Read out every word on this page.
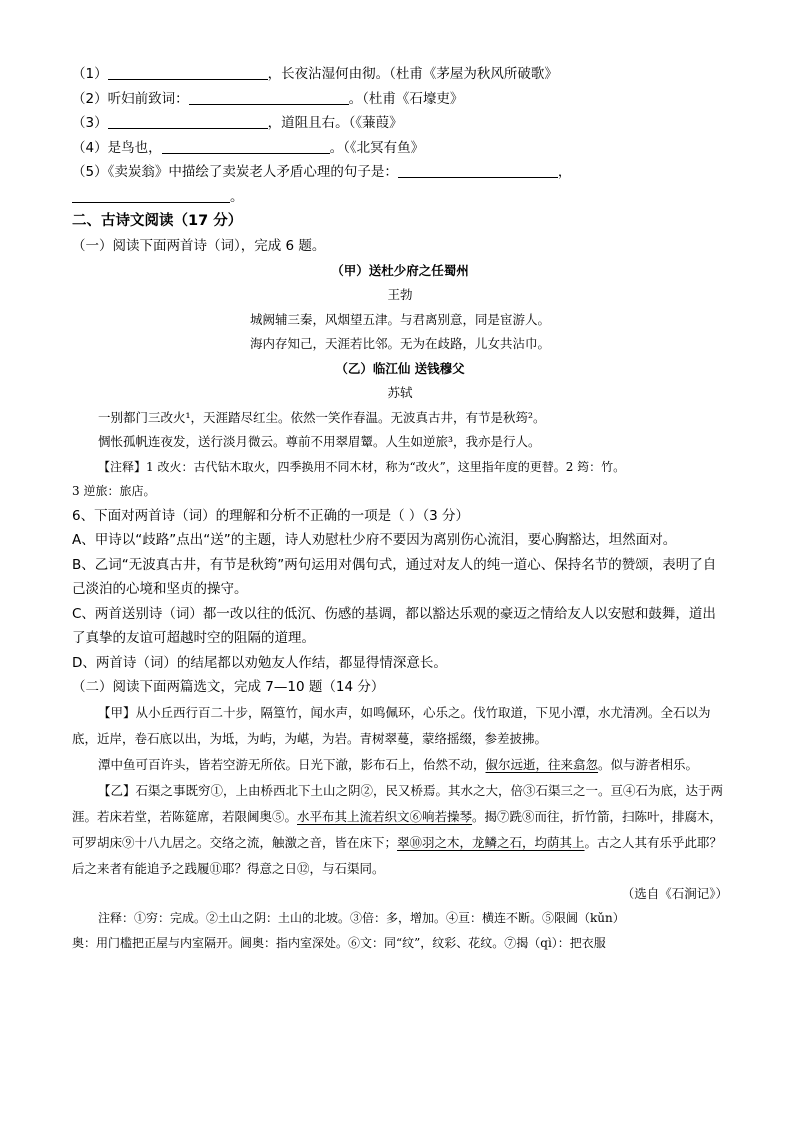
（1）	，长夜沾湿何由彻。（杜甫《茅屋为秋风所破歌》
（2）听妇前致词：	。（杜甫《石壕吏》
（3）	，道阻且右。（《蒹葭》
（4）是鸟也，	。（《北冥有鱼》
（5）《卖炭翁》中描绘了卖炭老人矛盾心理的句子是：	，
。
二、古诗文阅读（17 分）
（一）阅读下面两首诗（词），完成 6 题。
（甲）送杜少府之任蜀州
王勃
城阙辅三秦，风烟望五津。与君离别意，同是宦游人。
海内存知己，天涯若比邻。无为在歧路，儿女共沾巾。
（乙）临江仙 送钱穆父
苏轼
一别都门三改火¹，天涯踏尽红尘。依然一笑作春温。无波真古井，有节是秋筠²。
惆怅孤帆连夜发，送行淡月微云。尊前不用翠眉颦。人生如逆旅³，我亦是行人。
【注释】1 改火：古代钻木取火，四季换用不同木材，称为“改火”，这里指年度的更替。2 筠：竹。
3 逆旅：旅店。
6、下面对两首诗（词）的理解和分析不正确的一项是（ ）（3 分）
A、甲诗以“歧路”点出“送”的主题，诗人劝慰杜少府不要因为离别伤心流泪，要心胸豁达，坦然面对。
B、乙词“无波真古井，有节是秋筠”两句运用对偶句式，通过对友人的纯一道心、保持名节的赞颂，表明了自己淡泊的心境和坚贞的操守。
C、两首送别诗（词）都一改以往的低沉、伤感的基调，都以豁达乐观的豪迈之情给友人以安慰和鼓舞，道出了真挚的友谊可超越时空的阻隔的道理。
D、两首诗（词）的结尾都以劝勉友人作结，都显得情深意长。
（二）阅读下面两篇选文，完成 7—10 题（14 分）
【甲】从小丘西行百二十步，隔篁竹，闻水声，如鸣佩环，心乐之。伐竹取道，下见小潭，水尤清冽。全石以为底，近岸，卷石底以出，为坻，为屿，为嵁，为岩。青树翠蔓，蒙络摇缀，参差披拂。
潭中鱼可百许头，皆若空游无所依。日光下澈，影布石上，佁然不动，俶尔远逝，往来翕忽。似与游者相乐。
【乙】石渠之事既穷①，上由桥西北下土山之阴②，民又桥焉。其水之大，倍③石渠三之一。亘④石为底，达于两涯。若床若堂，若陈筵席，若限阃奥⑤。水平布其上流若织文⑥响若操琴。揭⑦跣⑧而往，折竹箭，扫陈叶，排腐木，可罗胡床⑨十八九居之。交络之流，触激之音，皆在床下；翠⑩羽之木，龙鳞之石，均荫其上。古之人其有乐乎此耶？后之来者有能追予之践履⑪耶？得意之日⑫，与石渠同。
（选自《石涧记》）
注释：①穷：完成。②土山之阴：土山的北坡。③倍：多，增加。④亘：横连不断。⑤限阃（kǔn）
奥：用门槛把正屋与内室隔开。阃奥：指内室深处。⑥文：同“纹”，纹彩、花纹。⑦揭（qì）：把衣服
